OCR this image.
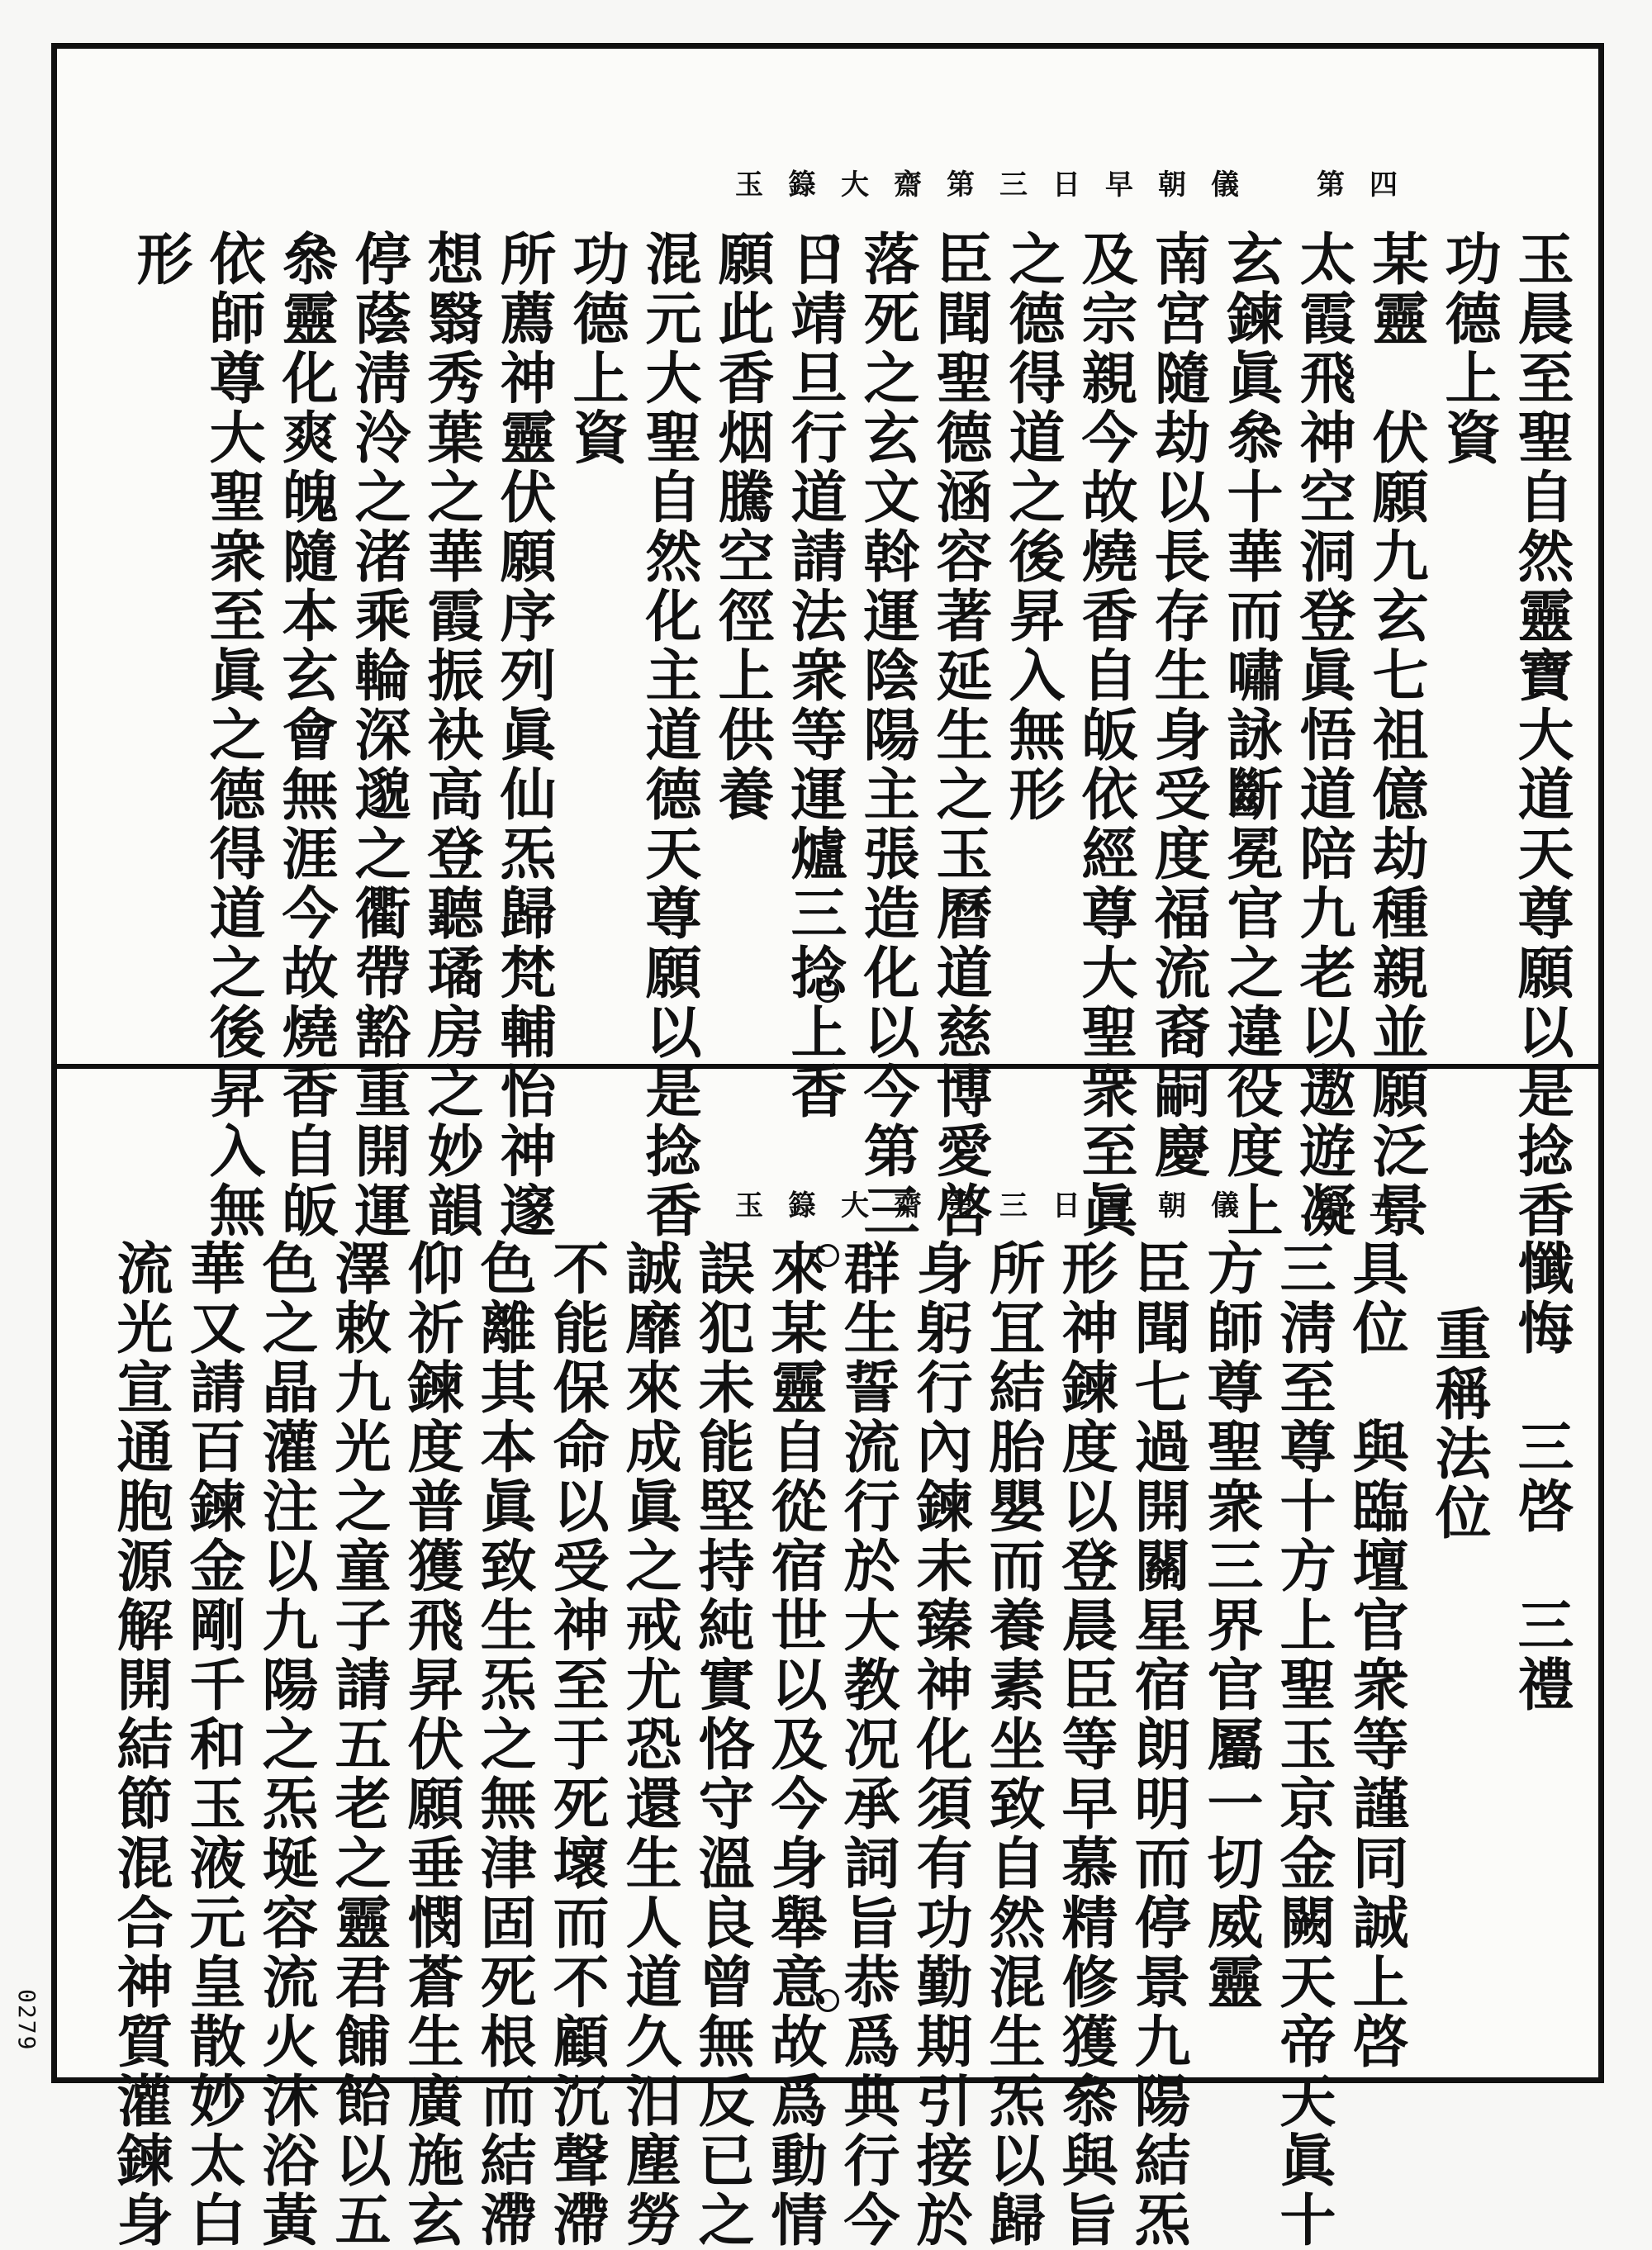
玉籙大齋第三日早朝儀　第四
玉晨至聖自然靈寶大道天尊願以是捻香
功德上資
某靈　伏願九玄七祖億劫種親並願泛景
太霞飛神空洞登眞悟道陪九老以遨遊凝
玄鍊眞叅十華而嘯詠斷冕官之違役度上
南宮隨劫以長存生身受度福流裔嗣慶
及宗親今故燒香自皈依經尊大聖衆至眞
之德得道之後昇入無形
臣聞聖德涵容著延生之玉曆道慈博愛啓
落死之玄文斡運陰陽主張造化以今第三
日靖旦行道請法衆等運爐三捻上香
願此香烟騰空徑上供養
混元大聖自然化主道德天尊願以是捻香
功德上資
所薦神靈伏願序列眞仙炁歸梵輔怡神邃
想翳秀葉之華霞振袂高登聽璚房之妙韻
停蔭淸泠之渚乘輪深邈之衢帶豁重開運
叅靈化爽魄隨本玄會無涯今故燒香自皈
依師尊大聖衆至眞之德得道之後昇入無
形
玉籙大齋第三日早朝儀　第五
懺悔　三啓　三禮
重稱法位
具位　與臨壇官衆等謹同誠上啓
三淸至尊十方上聖玉京金闕天帝天眞十
方師尊聖衆三界官屬一切威靈
臣聞七過開關星宿朗明而停景九陽結炁
形神鍊度以登晨臣等早慕精修獲叅與旨
所冝結胎嬰而養素坐致自然混生炁以歸
身躬行內鍊未臻神化須有功勤期引接於
群生誓流行於大教况承詞旨恭爲典行今
來某靈自從宿世以及今身舉意故爲動情
誤犯未能堅持純實恪守溫良曾無反已之
誠靡來成眞之戒尤恐還生人道久汨塵勞
不能保命以受神至于死壞而不顧沉聲滯
色離其本眞致生炁之無津固死根而結滯
仰祈鍊度普獲飛昇伏願垂憫蒼生廣施玄
澤敕九光之童子請五老之靈君餔飴以五
色之晶灌注以九陽之炁埏容流火沐浴黃
華又請百鍊金剛千和玉液元皇散妙太白
流光宣通胞源解開結節混合神質灌鍊身
0279
